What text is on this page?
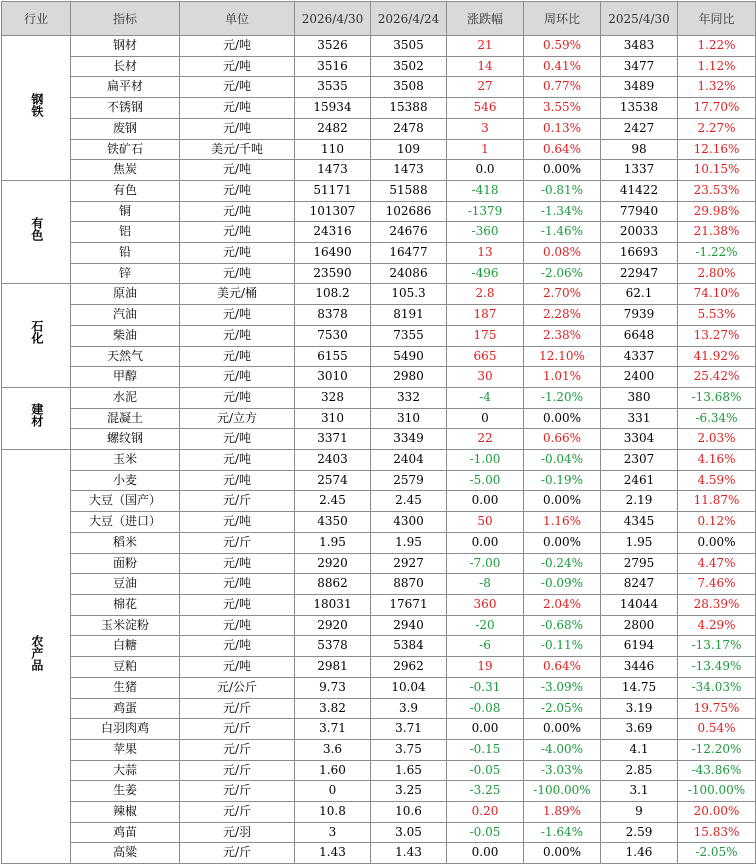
行业	指标	单位	2026/4/30	2026/4/24	涨跌幅	周环比	2025/4/30	年同比
钢铁	钢材	元/吨	3526	3505	21	0.59%	3483	1.22%
	长材	元/吨	3516	3502	14	0.41%	3477	1.12%
	扁平材	元/吨	3535	3508	27	0.77%	3489	1.32%
	不锈钢	元/吨	15934	15388	546	3.55%	13538	17.70%
	废钢	元/吨	2482	2478	3	0.13%	2427	2.27%
	铁矿石	美元/千吨	110	109	1	0.64%	98	12.16%
	焦炭	元/吨	1473	1473	0.0	0.00%	1337	10.15%
有色	有色	元/吨	51171	51588	-418	-0.81%	41422	23.53%
	铜	元/吨	101307	102686	-1379	-1.34%	77940	29.98%
	铝	元/吨	24316	24676	-360	-1.46%	20033	21.38%
	铅	元/吨	16490	16477	13	0.08%	16693	-1.22%
	锌	元/吨	23590	24086	-496	-2.06%	22947	2.80%
石化	原油	美元/桶	108.2	105.3	2.8	2.70%	62.1	74.10%
	汽油	元/吨	8378	8191	187	2.28%	7939	5.53%
	柴油	元/吨	7530	7355	175	2.38%	6648	13.27%
	天然气	元/吨	6155	5490	665	12.10%	4337	41.92%
	甲醇	元/吨	3010	2980	30	1.01%	2400	25.42%
建材	水泥	元/吨	328	332	-4	-1.20%	380	-13.68%
	混凝土	元/立方	310	310	0	0.00%	331	-6.34%
	螺纹钢	元/吨	3371	3349	22	0.66%	3304	2.03%
农产品	玉米	元/吨	2403	2404	-1.00	-0.04%	2307	4.16%
	小麦	元/吨	2574	2579	-5.00	-0.19%	2461	4.59%
	大豆（国产）	元/斤	2.45	2.45	0.00	0.00%	2.19	11.87%
	大豆（进口）	元/吨	4350	4300	50	1.16%	4345	0.12%
	稻米	元/斤	1.95	1.95	0.00	0.00%	1.95	0.00%
	面粉	元/吨	2920	2927	-7.00	-0.24%	2795	4.47%
	豆油	元/吨	8862	8870	-8	-0.09%	8247	7.46%
	棉花	元/吨	18031	17671	360	2.04%	14044	28.39%
	玉米淀粉	元/吨	2920	2940	-20	-0.68%	2800	4.29%
	白糖	元/吨	5378	5384	-6	-0.11%	6194	-13.17%
	豆粕	元/吨	2981	2962	19	0.64%	3446	-13.49%
	生猪	元/公斤	9.73	10.04	-0.31	-3.09%	14.75	-34.03%
	鸡蛋	元/斤	3.82	3.9	-0.08	-2.05%	3.19	19.75%
	白羽肉鸡	元/斤	3.71	3.71	0.00	0.00%	3.69	0.54%
	苹果	元/斤	3.6	3.75	-0.15	-4.00%	4.1	-12.20%
	大蒜	元/斤	1.60	1.65	-0.05	-3.03%	2.85	-43.86%
	生姜	元/斤	0	3.25	-3.25	-100.00%	3.1	-100.00%
	辣椒	元/斤	10.8	10.6	0.20	1.89%	9	20.00%
	鸡苗	元/羽	3	3.05	-0.05	-1.64%	2.59	15.83%
	高粱	元/斤	1.43	1.43	0.00	0.00%	1.46	-2.05%
